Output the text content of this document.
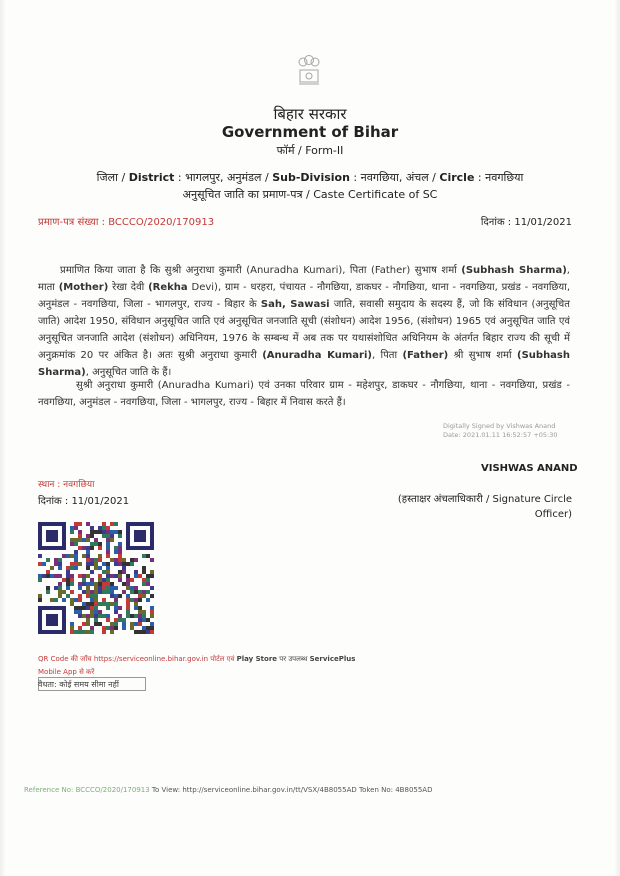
बिहार सरकार
Government of Bihar
फॉर्म / Form-II
जिला / District : भागलपुर, अनुमंडल / Sub-Division : नवगछिया, अंचल / Circle : नवगछिया
अनुसूचित जाति का प्रमाण-पत्र / Caste Certificate of SC
प्रमाण-पत्र संख्या : BCCCO/2020/170913	दिनांक : 11/01/2021
प्रमाणित किया जाता है कि सुश्री अनुराधा कुमारी (Anuradha Kumari), पिता (Father) सुभाष शर्मा (Subhash Sharma), माता (Mother) रेखा देवी (Rekha Devi), ग्राम - धरहरा, पंचायत - नौगछिया, डाकघर - नौगछिया, थाना - नवगछिया, प्रखंड - नवगछिया, अनुमंडल - नवगछिया, जिला - भागलपुर, राज्य - बिहार के Sah, Sawasi जाति, सवासी समुदाय के सदस्य हैं, जो कि संविधान (अनुसूचित जाति) आदेश 1950, संविधान अनुसूचित जाति एवं अनुसूचित जनजाति सूची (संशोधन) आदेश 1956, (संशोधन) 1965 एवं अनुसूचित जाति एवं अनुसूचित जनजाति आदेश (संशोधन) अधिनियम, 1976 के सम्बन्ध में अब तक पर यथासंशोधित अधिनियम के अंतर्गत बिहार राज्य की सूची में अनुक्रमांक 20 पर अंकित है। अतः सुश्री अनुराधा कुमारी (Anuradha Kumari), पिता (Father) श्री सुभाष शर्मा (Subhash Sharma), अनुसूचित जाति के हैं।
सुश्री अनुराधा कुमारी (Anuradha Kumari) एवं उनका परिवार ग्राम - महेशपुर, डाकघर - नौगछिया, थाना - नवगछिया, प्रखंड - नवगछिया, अनुमंडल - नवगछिया, जिला - भागलपुर, राज्य - बिहार में निवास करते हैं।
Digitally Signed by Vishwas Anand
Date: 2021.01.11 16:52:57 +05:30
VISHWAS ANAND
स्थान : नवगछिया
दिनांक : 11/01/2021	(हस्ताक्षर अंचलाधिकारी / Signature Circle Officer)
QR Code की जाँच https://serviceonline.bihar.gov.in पोर्टल एवं Play Store पर उपलब्ध ServicePlus
Mobile App से करें
वैधता: कोई समय सीमा नहीं
Reference No: BCCCO/2020/170913 To View: http://serviceonline.bihar.gov.in/tt/VSX/4B8055AD Token No: 4B8055AD
